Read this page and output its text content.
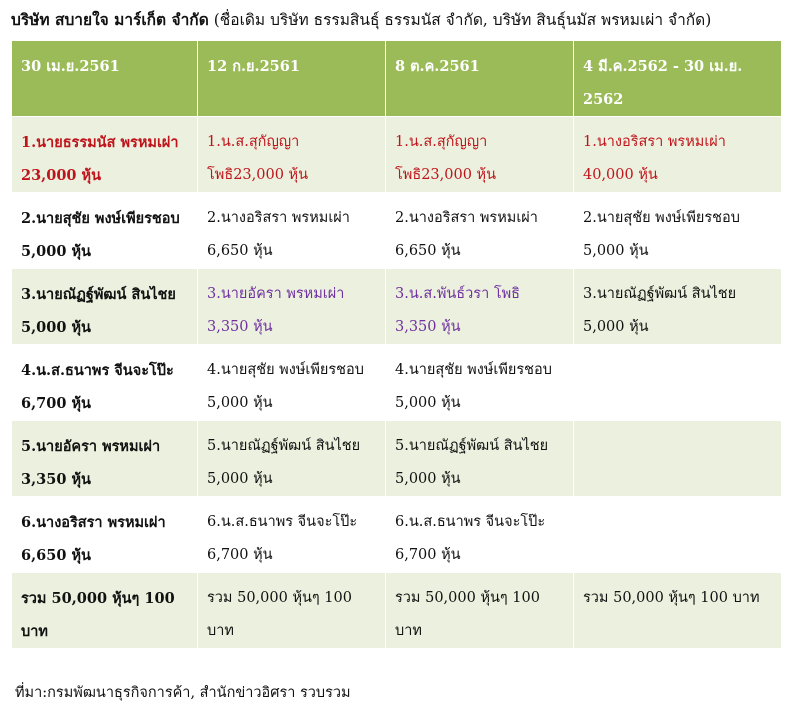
บริษัท สบายใจ มาร์เก็ต จำกัด (ชื่อเดิม บริษัท ธรรมสินธุ์ ธรรมนัส จำกัด, บริษัท สินธุ์นมัส พรหมเผ่า จำกัด)
30 เม.ย.2561	12 ก.ย.2561	8 ต.ค.2561	4 มี.ค.2562 - 30 เม.ย. 2562
1.นายธรรมนัส พรหมเผ่า 23,000 หุ้น	1.น.ส.สุกัญญา โพธิ23,000 หุ้น	1.น.ส.สุกัญญา โพธิ23,000 หุ้น	1.นางอริสรา พรหมเผ่า 40,000 หุ้น
2.นายสุชัย พงษ์เพียรชอบ 5,000 หุ้น	2.นางอริสรา พรหมเผ่า 6,650 หุ้น	2.นางอริสรา พรหมเผ่า 6,650 หุ้น	2.นายสุชัย พงษ์เพียรชอบ 5,000 หุ้น
3.นายณัฏฐ์พัฒน์ สินไชย 5,000 หุ้น	3.นายอัครา พรหมเผ่า 3,350 หุ้น	3.น.ส.พันธ์วรา โพธิ 3,350 หุ้น	3.นายณัฏฐ์พัฒน์ สินไชย 5,000 หุ้น
4.น.ส.ธนาพร จีนจะโป๊ะ 6,700 หุ้น	4.นายสุชัย พงษ์เพียรชอบ 5,000 หุ้น	4.นายสุชัย พงษ์เพียรชอบ 5,000 หุ้น	
5.นายอัครา พรหมเผ่า 3,350 หุ้น	5.นายณัฏฐ์พัฒน์ สินไชย 5,000 หุ้น	5.นายณัฏฐ์พัฒน์ สินไชย 5,000 หุ้น	
6.นางอริสรา พรหมเผ่า 6,650 หุ้น	6.น.ส.ธนาพร จีนจะโป๊ะ 6,700 หุ้น	6.น.ส.ธนาพร จีนจะโป๊ะ 6,700 หุ้น	
รวม 50,000 หุ้นๆ 100 บาท	รวม 50,000 หุ้นๆ 100 บาท	รวม 50,000 หุ้นๆ 100 บาท	รวม 50,000 หุ้นๆ 100 บาท
ที่มา:กรมพัฒนาธุรกิจการค้า, สำนักข่าวอิศรา รวบรวม
